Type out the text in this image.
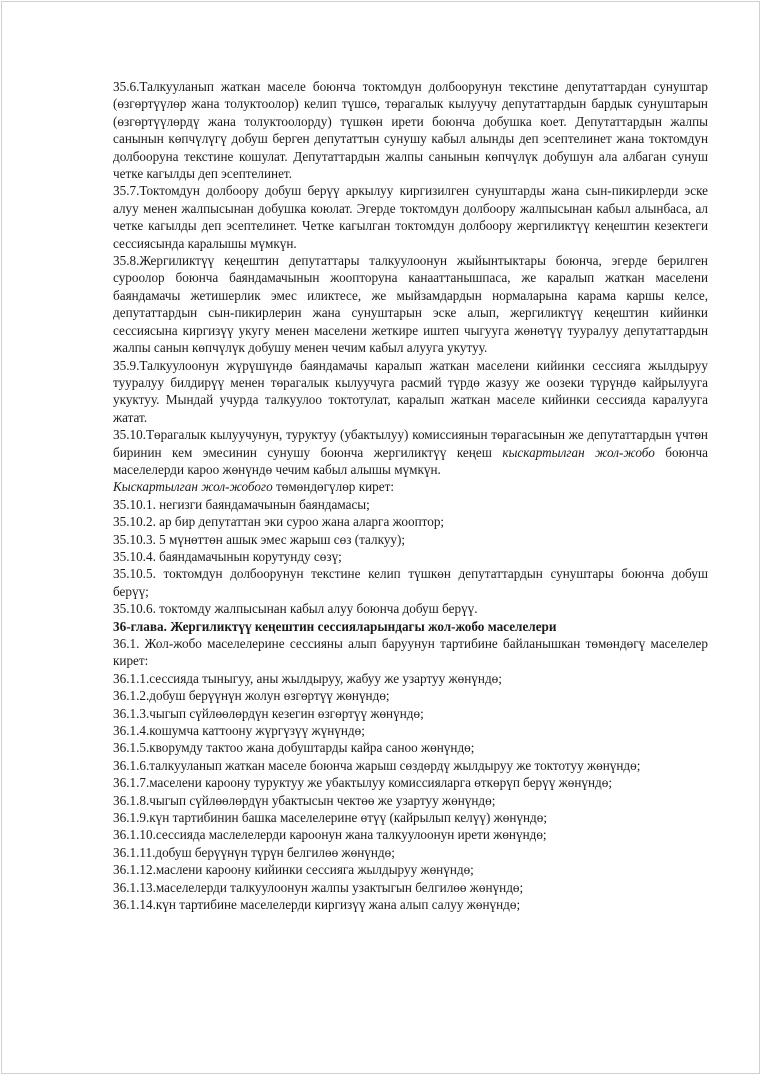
35.6.Талкууланып жаткан маселе боюнча токтомдун долбоорунун текстине депутаттардан сунуштар (өзгөртүүлөр жана толуктоолор) келип түшсө, төрагалык кылуучу депутаттардын бардык сунуштарын (өзгөртүүлөрдү жана толуктоолорду) түшкөн ирети боюнча добушка коет. Депутаттардын жалпы санынын көпчүлүгү добуш берген депутаттын сунушу кабыл алынды деп эсептелинет жана токтомдун долбооруна текстине кошулат. Депутаттардын жалпы санынын көпчүлүк добушун ала албаган сунуш четке кагылды деп эсептелинет.

35.7.Токтомдун долбоору добуш берүү аркылуу киргизилген сунуштарды жана сын-пикирлерди эске алуу менен жалпысынан добушка коюлат. Эгерде токтомдун долбоору жалпысынан кабыл алынбаса, ал четке кагылды деп эсептелинет. Четке кагылган токтомдун долбоору жергиликтүү кеңештин кезектеги сессиясында каралышы мүмкүн.

35.8.Жергиликтүү кеңештин депутаттары талкуулоонун жыйынтыктары боюнча, эгерде берилген суроолор боюнча баяндамачынын жоопторуна канааттанышпаса, же каралып жаткан маселени баяндамачы жетишерлик эмес иликтесе, же мыйзамдардын нормаларына карама каршы келсе, депутаттардын сын-пикирлерин жана сунуштарын эске алып, жергиликтүү кеңештин кийинки сессиясына киргизүү укугу менен маселени жеткире иштеп чыгууга жөнөтүү тууралуу депутаттардын жалпы санын көпчүлүк добушу менен чечим кабыл алууга укутуу.

35.9.Талкуулоонун жүрүшүндө баяндамачы каралып жаткан маселени кийинки сессияга жылдыруу тууралуу билдирүү менен төрагалык кылуучуга расмий түрдө жазуу же оозеки түрүндө кайрылууга укуктуу. Мындай учурда талкуулоо токтотулат, каралып жаткан маселе кийинки сессияда каралууга жатат.

35.10.Төрагалык кылуучунун, туруктуу (убактылуу) комиссиянын төрагасынын же депутаттардын үчтөн биринин кем эмесинин сунушу боюнча жергиликтүү кеңеш кыскартылган жол-жобо боюнча маселелерди кароо жөнүндө чечим кабыл алышы мүмкүн.

Кыскартылган жол-жобого төмөндөгүлөр кирет:

35.10.1. негизги баяндамачынын баяндамасы;

35.10.2. ар бир депутаттан эки суроо жана аларга жооптор;

35.10.3. 5 мүнөттөн ашык эмес жарыш сөз (талкуу);

35.10.4. баяндамачынын корутунду сөзү;

35.10.5. токтомдун долбоорунун текстине келип түшкөн депутаттардын сунуштары боюнча добуш берүү;

35.10.6. токтомду жалпысынан кабыл алуу боюнча добуш берүү.

36-глава. Жергиликтүү кеңештин сессияларындагы жол-жобо маселелери

36.1. Жол-жобо маселелерине сессияны алып баруунун тартибине байланышкан төмөндөгү маселелер кирет:

36.1.1.сессияда тыныгуу, аны жылдыруу, жабуу же узартуу жөнүндө;

36.1.2.добуш берүүнүн жолун өзгөртүү жөнүндө;

36.1.3.чыгып сүйлөөлөрдүн кезегин өзгөртүү жөнүндө;

36.1.4.кошумча каттоону жүргүзүү жүнүндө;

36.1.5.кворумду тактоо жана добуштарды кайра саноо жөнүндө;

36.1.6.талкууланып жаткан маселе боюнча жарыш сөздөрдү жылдыруу же токтотуу жөнүндө;

36.1.7.маселени кароону туруктуу же убактылуу комиссияларга өткөрүп берүү жөнүндө;

36.1.8.чыгып сүйлөөлөрдүн убактысын чектөө же узартуу жөнүндө;

36.1.9.күн тартибинин башка маселелерине өтүү (кайрылып келүү) жөнүндө;

36.1.10.сессияда маслелелерди кароонун жана талкуулоонун ирети жөнүндө;

36.1.11.добуш берүүнүн түрүн белгилөө жөнүндө;

36.1.12.маслени кароону кийинки сессияга жылдыруу жөнүндө;

36.1.13.маселелерди талкуулоонун жалпы узактыгын белгилөө жөнүндө;

36.1.14.күн тартибине маселелерди киргизүү жана алып салуу жөнүндө;
